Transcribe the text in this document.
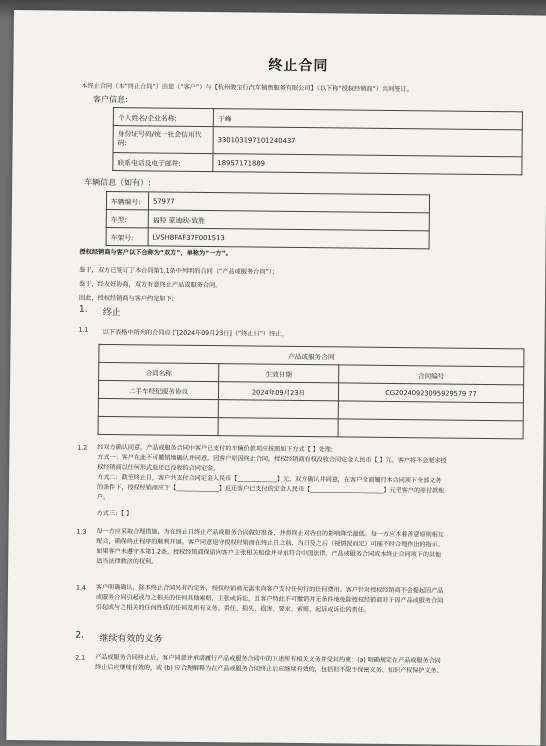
终止合同
本终止合同（本“终止合同”）由您（“客户”）与【杭州骏宝行汽车销售服务有限公司】（以下称“授权经销商”）共同签订。
客户信息:
个人姓名/企业名称:	于峰
身份证号码/统一社会信用代码:	330103197101240437
联系电话及电子邮件:	18957171889
车辆信息（如有）:
车辆编号:	57977
车型:	福特 蒙迪欧-致胜
车架号:	LVSHBFAF37F001513
授权经销商与客户以下合称为“双方”，单称为“一方”。
鉴于，双方已签订了本合同第1.1条中列明的合同（“产品或服务合同”）；
鉴于，经友好协商，双方有意终止产品或服务合同。
因此，授权经销商与客户约定如下:
1. 终止
1.1 以下表格中所列的合同应于[2024年09月23日]（“终止日”）终止。
产品或服务合同		
合同名称	生效日期	合同编号
二手车经纪服务协议	2024年09月23日	CG20240923095929579 77

1.2 经双方确认同意，产品或服务合同中客户已支付的车辆价款项应按照如下方式【 】处理:
方式一：客户在此不可撤销地确认并同意，因客户原因终止合同，授权经销商有权没收合同定金人民币【 】元。客户将不会要求授
权经销商以任何形式退还已没收的合同定金。
方式二：截至终止日，客户共支付合同定金人民币【_____________】元，双方确认并同意，在客户全面履行本合同项下全部义务
的条件下，授权经销商应于【______________】返还客户已支付的定金人民币【________________________】元至客户的原付款账
户。
方式三：【 】
1.3 每一方应采取合理措施，为在终止日终止产品或服务合同做好准备，并将终止对各自的影响降至最低。每一方应本着善意原则相互
配合，确保终止程序的顺利开展。客户同意退守授权经销商在终止日之前、当日及之后（视情况而定）可能不时合理作出的指示。
如果客户未遵守本第1.2条，授权经销商保留向客户主张相关赔偿并寻求符合中国法律、产品或服务合同或本终止合同项下的其他
适当法律救济的权利。
1.4 客户明确确认，除本终止合同另有约定外，授权经销商无需未向客户支付任何行的任何费用。客户针对授权经销商不会提起因产品
或服务合同引起或与之相关的任何其他索赔，主张或诉讼，且客户特此不可撤销并无条件地免除授权经销商对于因产品或服务合同
引起或与之相关的任何性质的任何及所有义务、责任、损失、损害、要求、索赔、起诉或诉讼的责任。
2. 继续有效的义务
2.1 产品或服务合同终止后，客户同意并承诺履行产品或服务合同中的下述所有相关义务并受其约束：(a) 明确规定在产品或服务合同
终止后应继续有效的，或 (b) 应合理解释为在产品或服务合同终止后应继续有效的，包括但不限于保密义务、知识产权保护义务、
